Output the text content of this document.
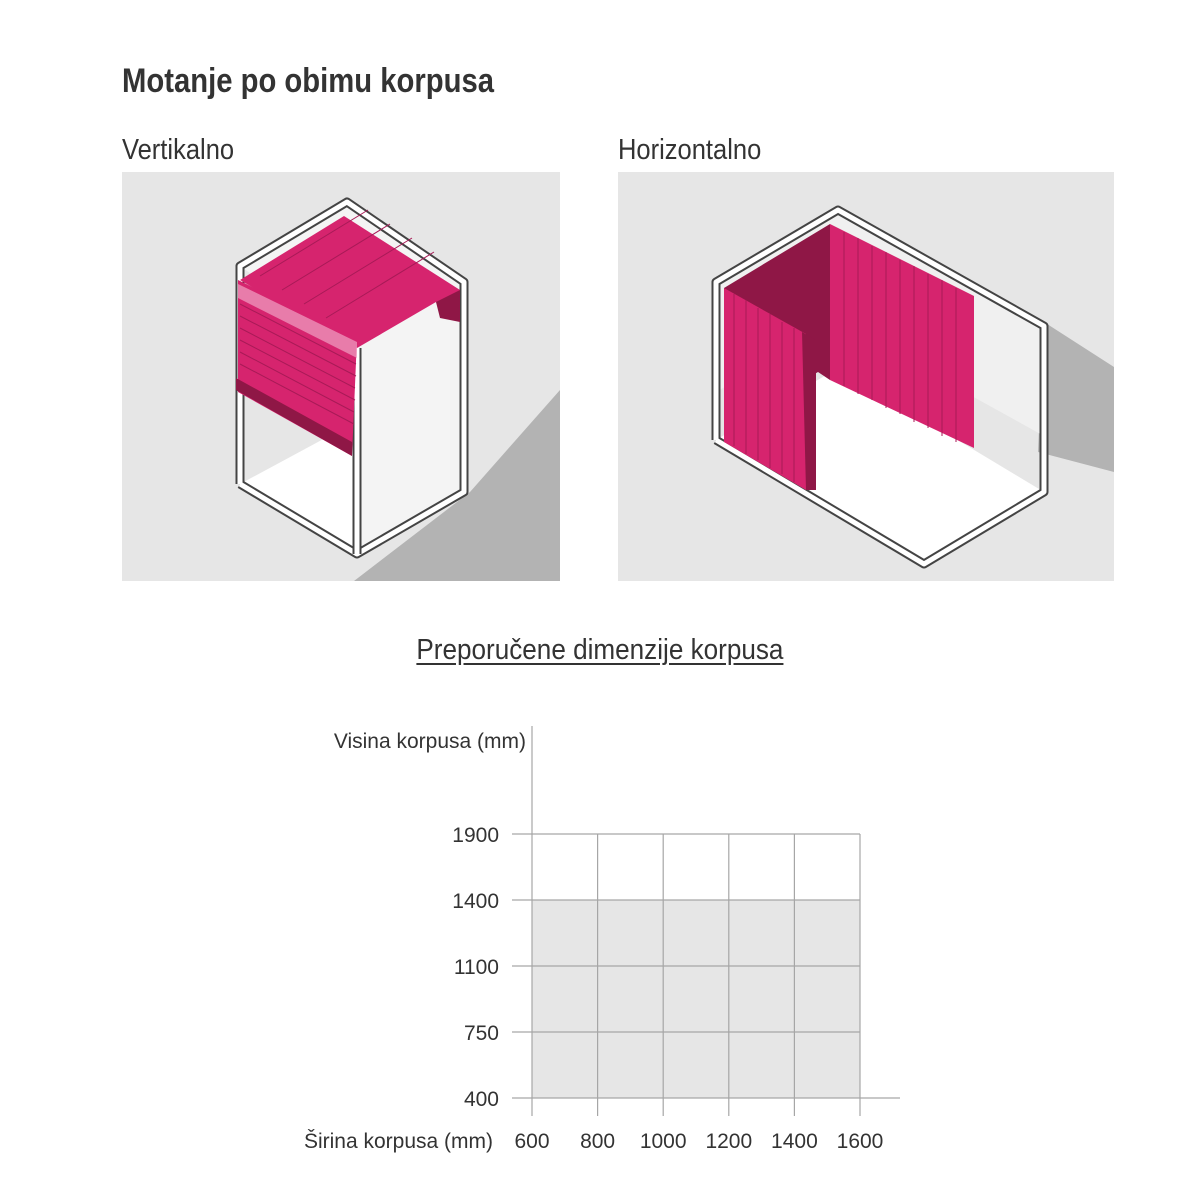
Motanje po obimu korpusa
Vertikalno	Horizontalno
Preporučene dimenzije korpusa
Visina korpusa (mm)
Širina korpusa (mm)
400
750
1100
1400
1900
600 800 1000 1200 1400 1600
